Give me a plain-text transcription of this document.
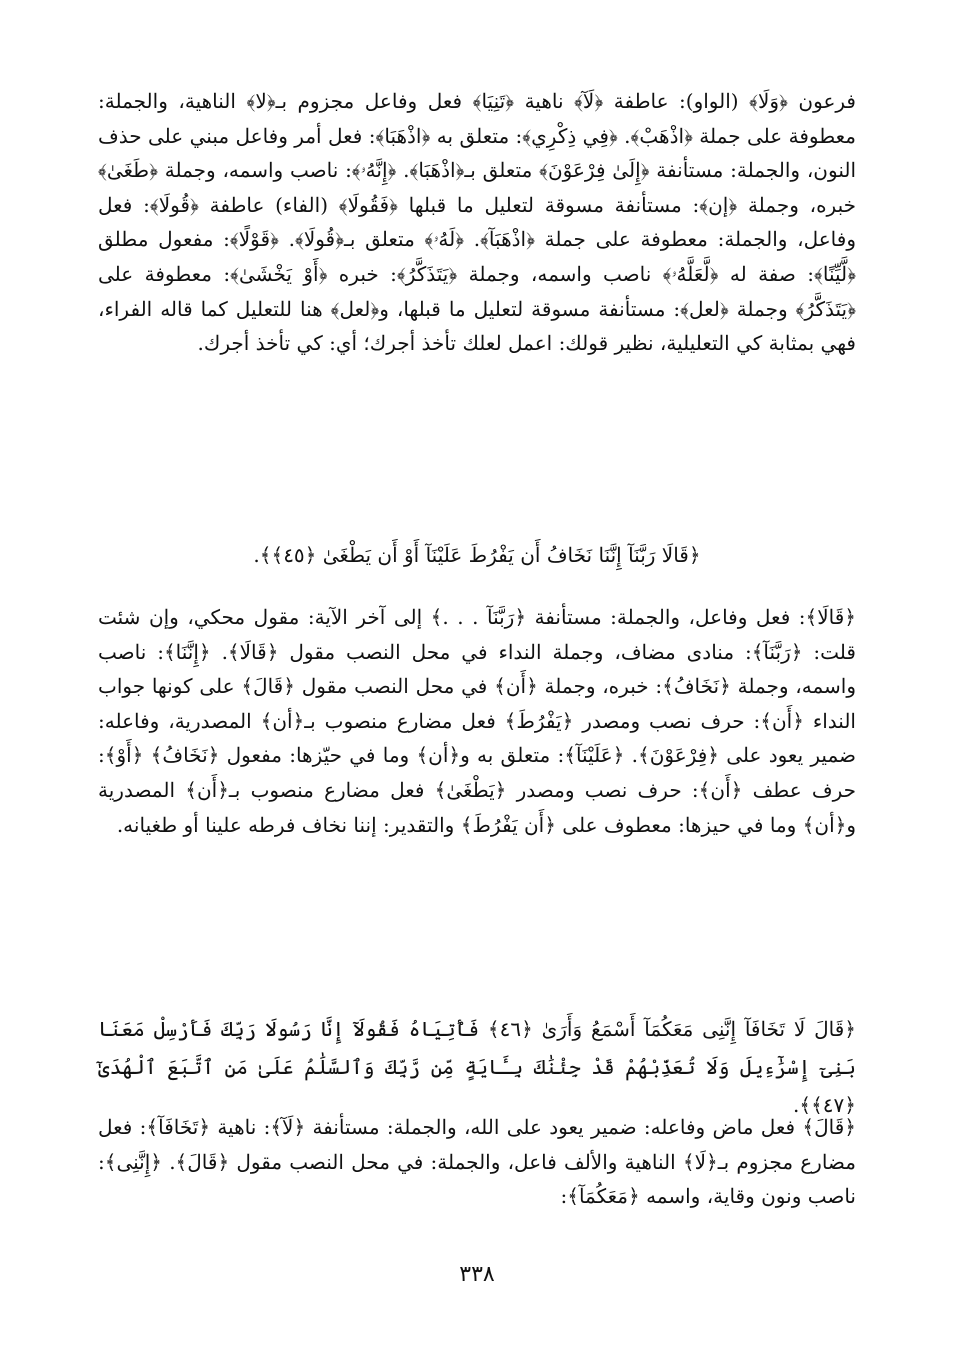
فرعون ﴿وَلَا﴾ (الواو): عاطفة ﴿لَآ﴾ ناهية ﴿تَنِيَا﴾ فعل وفاعل مجزوم بـ﴿لا﴾ الناهية، والجملة: معطوفة على جملة ﴿اذْهَبْ﴾. ﴿فِي ذِكْرِي﴾: متعلق به ﴿اذْهَبَا﴾: فعل أمر وفاعل مبني على حذف النون، والجملة: مستأنفة ﴿إِلَىٰ فِرْعَوْنَ﴾ متعلق بـ﴿اذْهَبَا﴾. ﴿إِنَّهُۥ﴾: ناصب واسمه، وجملة ﴿طَغَىٰ﴾ خبره، وجملة ﴿إن﴾: مستأنفة مسوقة لتعليل ما قبلها ﴿فَقُولَا﴾ (الفاء) عاطفة ﴿قُولَا﴾: فعل وفاعل، والجملة: معطوفة على جملة ﴿اذْهَبَآ﴾. ﴿لَهُۥ﴾ متعلق بـ﴿قُولَا﴾. ﴿قَوْلًا﴾: مفعول مطلق ﴿لَّيِّنًا﴾: صفة له ﴿لَّعَلَّهُۥ﴾ ناصب واسمه، وجملة ﴿يَتَذَكَّرُ﴾: خبره ﴿أَوْ يَخْشَىٰ﴾: معطوفة على ﴿يَتَذَكَّرُ﴾ وجملة ﴿لعل﴾: مستأنفة مسوقة لتعليل ما قبلها، و﴿لعل﴾ هنا للتعليل كما قاله الفراء، فهي بمثابة كي التعليلية، نظير قولك: اعمل لعلك تأخذ أجرك؛ أي: كي تأخذ أجرك.
﴿قَالَا رَبَّنَآ إِنَّنَا نَخَافُ أَن يَفْرُطَ عَلَيْنَآ أَوْ أَن يَطْغَىٰ ﴿٤٥﴾﴾.
﴿قَالَا﴾: فعل وفاعل، والجملة: مستأنفة ﴿رَبَّنَآ . . .﴾ إلى آخر الآية: مقول محكي، وإن شئت قلت: ﴿رَبَّنَآ﴾: منادى مضاف، وجملة النداء في محل النصب مقول ﴿قَالَا﴾. ﴿إِنَّنَا﴾: ناصب واسمه، وجملة ﴿نَخَافُ﴾: خبره، وجملة ﴿أَن﴾ في محل النصب مقول ﴿قَالَ﴾ على كونها جواب النداء ﴿أَن﴾: حرف نصب ومصدر ﴿يَفْرُطَ﴾ فعل مضارع منصوب بـ﴿أن﴾ المصدرية، وفاعله: ضمير يعود على ﴿فِرْعَوْنَ﴾. ﴿عَلَيْنَآ﴾: متعلق به و﴿أن﴾ وما في حيّزها: مفعول ﴿نَخَافُ﴾ ﴿أَوْ﴾: حرف عطف ﴿أَن﴾: حرف نصب ومصدر ﴿يَطْغَىٰ﴾ فعل مضارع منصوب بـ﴿أَن﴾ المصدرية و﴿أن﴾ وما في حيزها: معطوف على ﴿أَن يَفْرُطَ﴾ والتقدير: إننا نخاف فرطه علينا أو طغيانه.
﴿قَالَ لَا تَخَافَآ إِنَّنِى مَعَكُمَآ أَسْمَعُ وَأَرَىٰ ﴿٤٦﴾ فَأْتِيَاهُ فَقُولَآ إِنَّا رَسُولَا رَبِّكَ فَأَرْسِلْ مَعَنَا بَنِىٓ إِسْرَٰٓءِيلَ وَلَا تُعَذِّبْهُمْ قَدْ جِئْنَٰكَ بِـَٔايَةٍ مِّن رَّبِّكَ وَٱلسَّلَٰمُ عَلَىٰ مَنِ ٱتَّبَعَ ٱلْهُدَىٰٓ ﴿٤٧﴾﴾.
﴿قَالَ﴾ فعل ماض وفاعله: ضمير يعود على الله، والجملة: مستأنفة ﴿لَآ﴾: ناهية ﴿تَخَافَآ﴾: فعل مضارع مجزوم بـ﴿لَا﴾ الناهية والألف فاعل، والجملة: في محل النصب مقول ﴿قَالَ﴾. ﴿إِنَّنِى﴾: ناصب ونون وقاية، واسمه ﴿مَعَكُمَآ﴾:
٣٣٨
